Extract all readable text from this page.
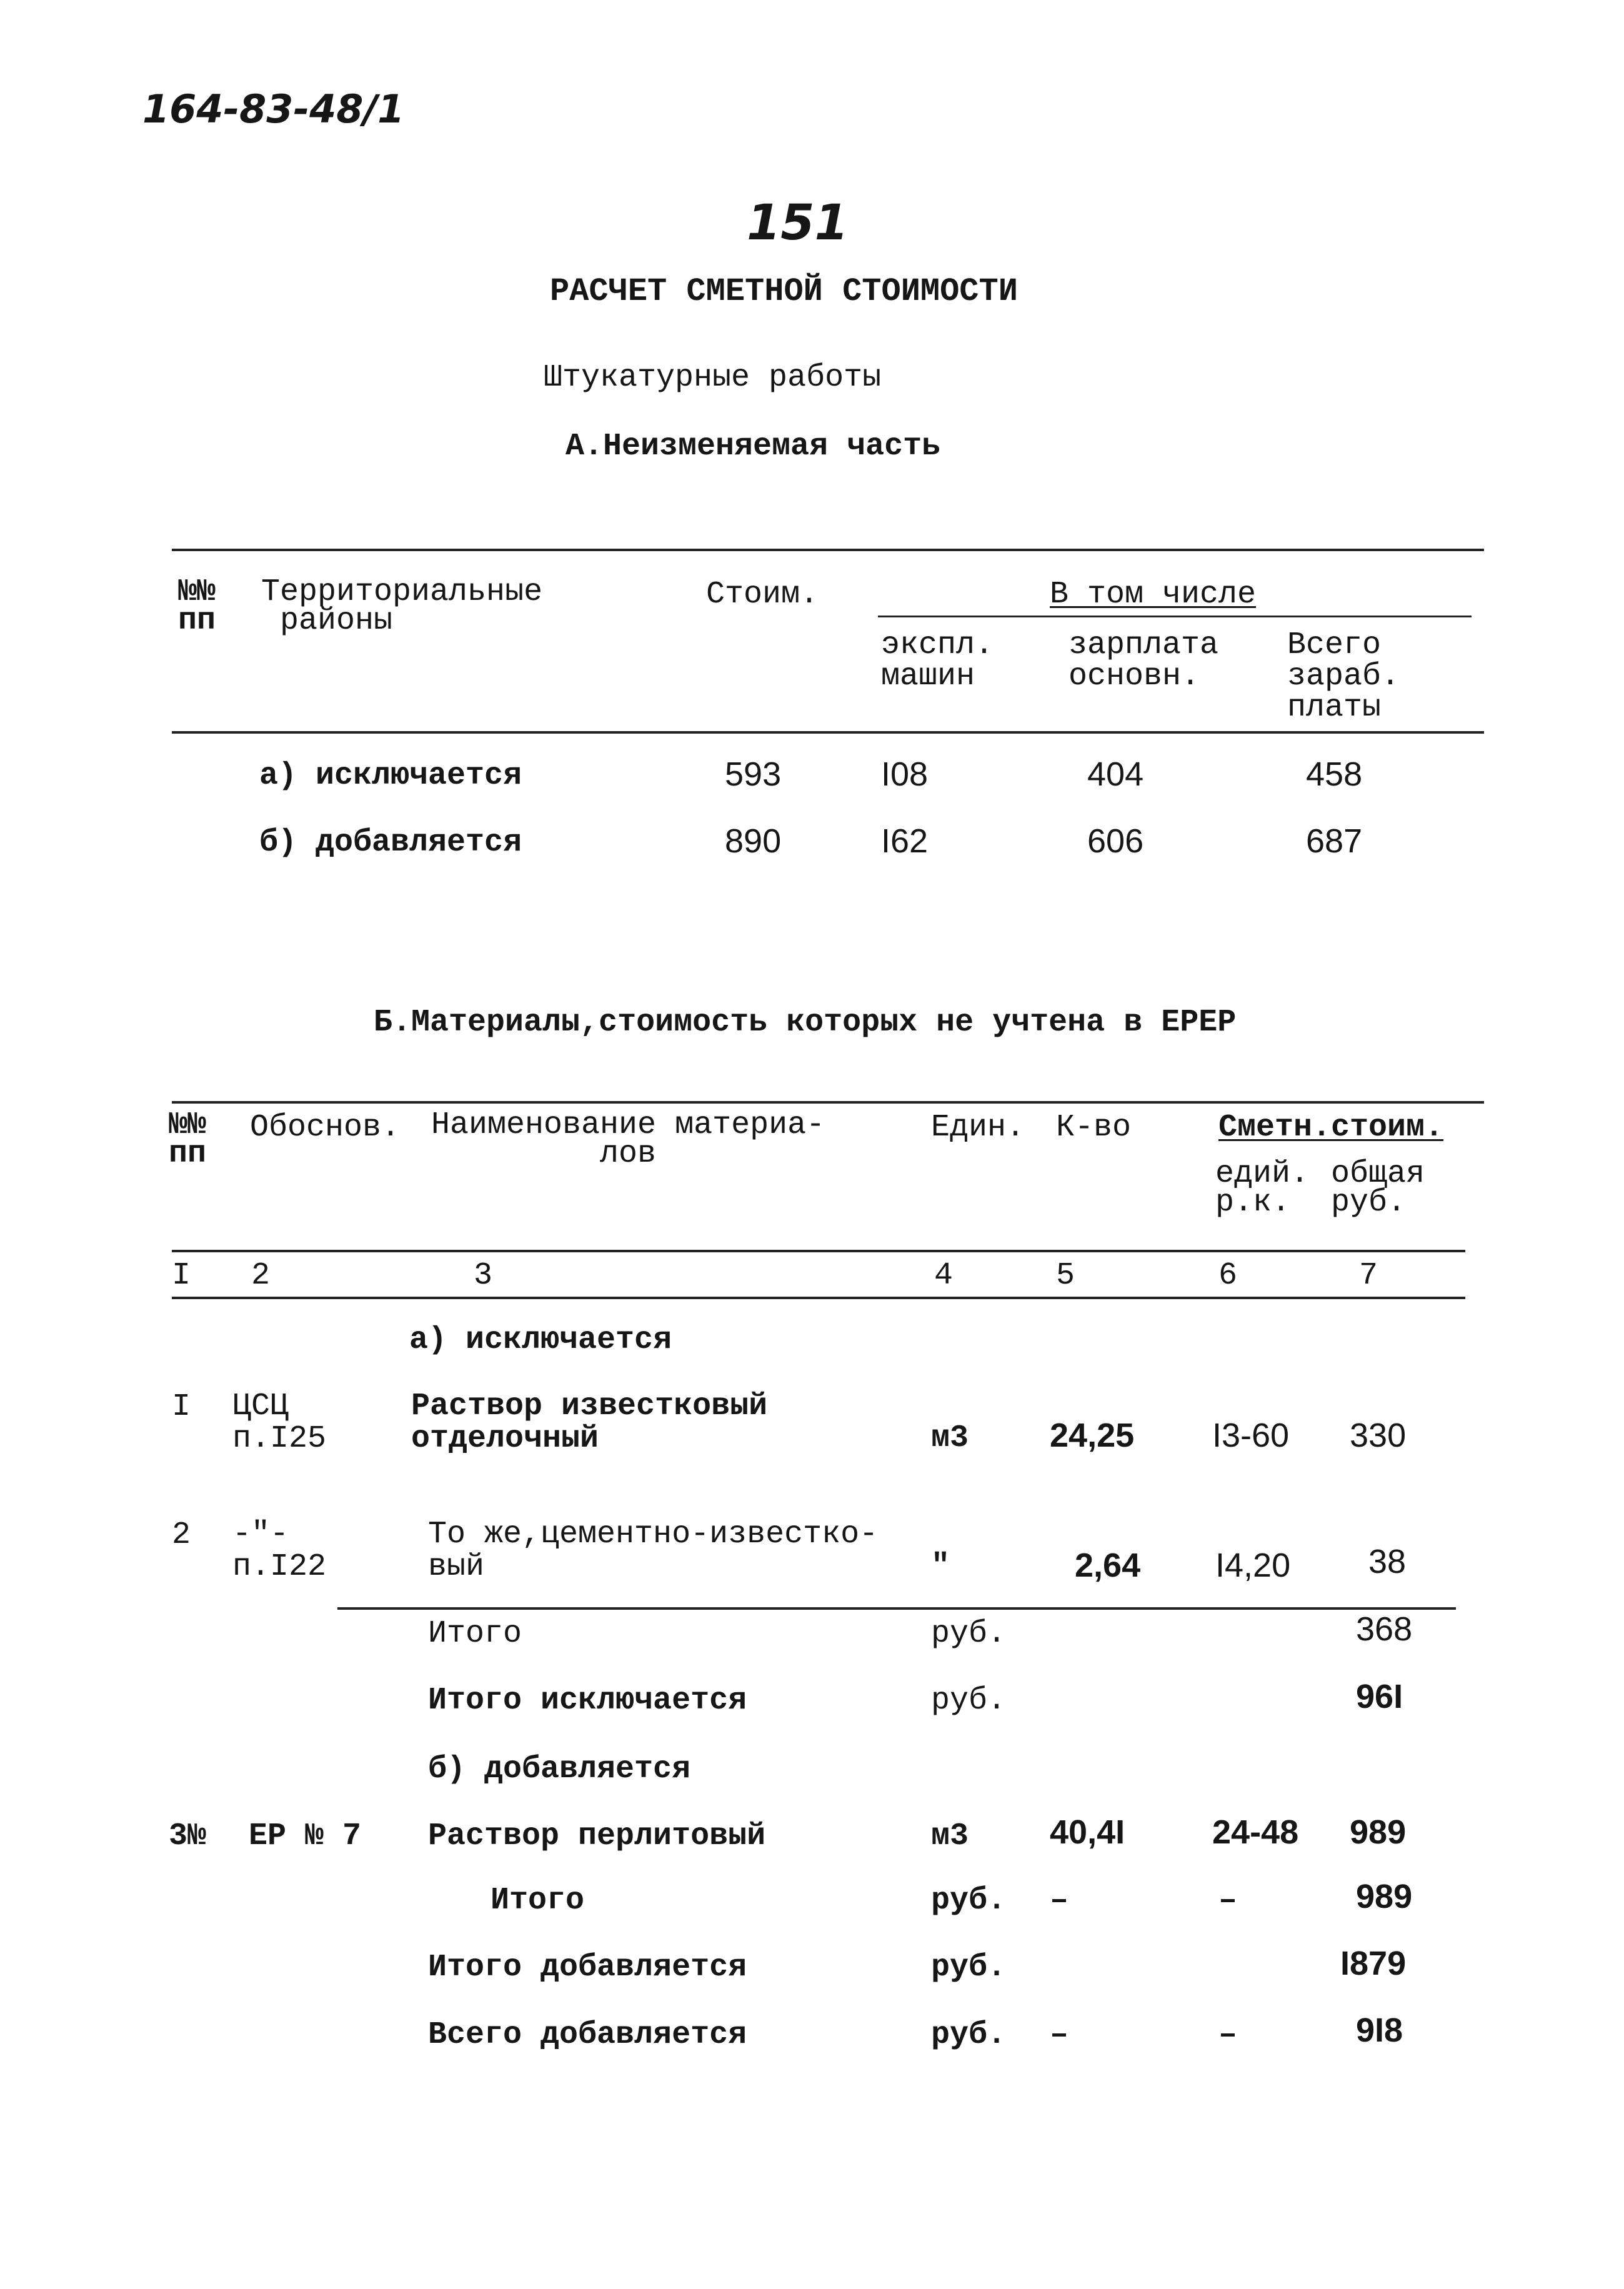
164-83-48/1
151
РАСЧЕТ СМЕТНОЙ СТОИМОСТИ
Штукатурные работы
А.Неизменяемая часть
№№
пп
Территориальные
районы
Стоим.	В том числе
экспл.
машин
зарплата
основн.
Всего
зараб.
платы
а) исключается	593	I08	404	458
б) добавляется	890	I62	606	687
Б.Материалы,стоимость которых не учтена в ЕРЕР
№№
пп
Обоснов. Наименование материа-
лов
Един. К-во	Сметн.стоим.
едий.
р.к.
общая
руб.
I 2	3	4	5	6	7
а) исключается
I ЦСЦ
п.I25
Раствор известковый
отделочный	м3 24,25 I3-60 330
2 -"-
п.I22
То же,цементно-известко-
вый	"	2,64 I4,20 38
Итого	руб.	368
Итого исключается	руб.	96I
б) добавляется
3№ ЕР № 7 Раствор перлитовый	м3 40,4I	24-48 989
Итого	руб. –	–	989
Итого добавляется	руб.	I879
Всего добавляется	руб. –	–	9I8
